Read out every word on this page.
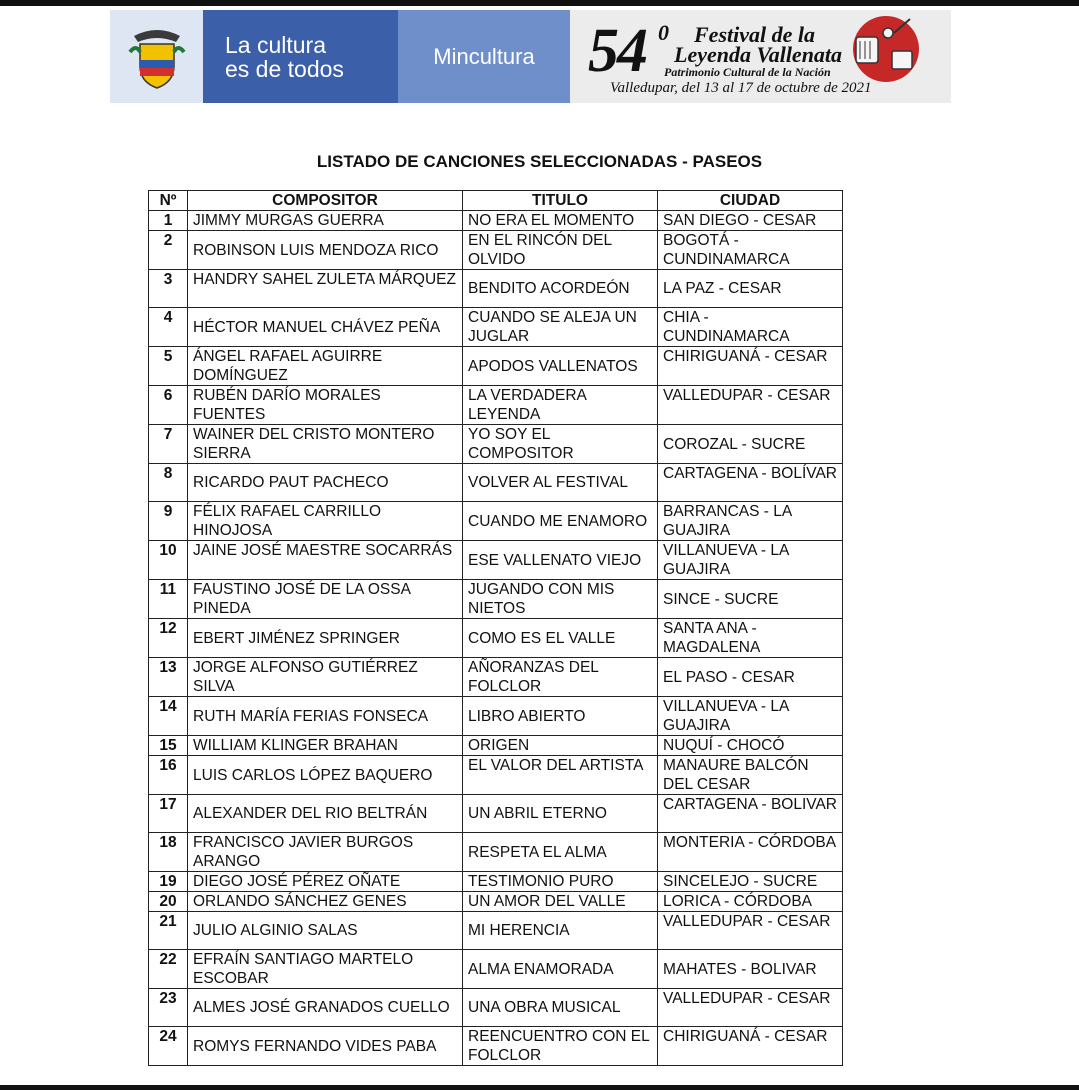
La cultura
es de todos	Mincultura 54 0 Festival de la
Leyenda Vallenata
Patrimonio Cultural de la Nación
Valledupar, del 13 al 17 de octubre de 2021
LISTADO DE CANCIONES SELECCIONADAS - PASEOS
Nº	COMPOSITOR	TITULO	CIUDAD
1	JIMMY MURGAS GUERRA	NO ERA EL MOMENTO	SAN DIEGO - CESAR
2	ROBINSON LUIS MENDOZA RICO	EN EL RINCÓN DEL OLVIDO	BOGOTÁ - CUNDINAMARCA
3	HANDRY SAHEL ZULETA MÁRQUEZ	BENDITO ACORDEÓN	LA PAZ - CESAR
4	HÉCTOR MANUEL CHÁVEZ PEÑA	CUANDO SE ALEJA UN JUGLAR	CHIA - CUNDINAMARCA
5	ÁNGEL RAFAEL AGUIRRE DOMÍNGUEZ	APODOS VALLENATOS	CHIRIGUANÁ - CESAR
6	RUBÉN DARÍO MORALES FUENTES	LA VERDADERA LEYENDA	VALLEDUPAR - CESAR
7	WAINER DEL CRISTO MONTERO SIERRA	YO SOY EL COMPOSITOR	COROZAL - SUCRE
8	RICARDO PAUT PACHECO	VOLVER AL FESTIVAL	CARTAGENA - BOLÍVAR
9	FÉLIX RAFAEL CARRILLO HINOJOSA	CUANDO ME ENAMORO	BARRANCAS - LA GUAJIRA
10	JAINE JOSÉ MAESTRE SOCARRÁS	ESE VALLENATO VIEJO	VILLANUEVA - LA GUAJIRA
11	FAUSTINO JOSÉ DE LA OSSA PINEDA	JUGANDO CON MIS NIETOS	SINCE - SUCRE
12	EBERT JIMÉNEZ SPRINGER	COMO ES EL VALLE	SANTA ANA - MAGDALENA
13	JORGE ALFONSO GUTIÉRREZ SILVA	AÑORANZAS DEL FOLCLOR	EL PASO - CESAR
14	RUTH MARÍA FERIAS FONSECA	LIBRO ABIERTO	VILLANUEVA - LA GUAJIRA
15	WILLIAM KLINGER BRAHAN	ORIGEN	NUQUÍ - CHOCÓ
16	LUIS CARLOS LÓPEZ BAQUERO	EL VALOR DEL ARTISTA	MANAURE BALCÓN DEL CESAR
17	ALEXANDER DEL RIO BELTRÁN	UN ABRIL ETERNO	CARTAGENA - BOLIVAR
18	FRANCISCO JAVIER BURGOS ARANGO	RESPETA EL ALMA	MONTERIA - CÓRDOBA
19	DIEGO JOSÉ PÉREZ OÑATE	TESTIMONIO PURO	SINCELEJO - SUCRE
20	ORLANDO SÁNCHEZ GENES	UN AMOR DEL VALLE	LORICA - CÓRDOBA
21	JULIO ALGINIO SALAS	MI HERENCIA	VALLEDUPAR - CESAR
22	EFRAÍN SANTIAGO MARTELO ESCOBAR	ALMA ENAMORADA	MAHATES - BOLIVAR
23	ALMES JOSÉ GRANADOS CUELLO	UNA OBRA MUSICAL	VALLEDUPAR - CESAR
24	ROMYS FERNANDO VIDES PABA	REENCUENTRO CON EL FOLCLOR	CHIRIGUANÁ - CESAR
